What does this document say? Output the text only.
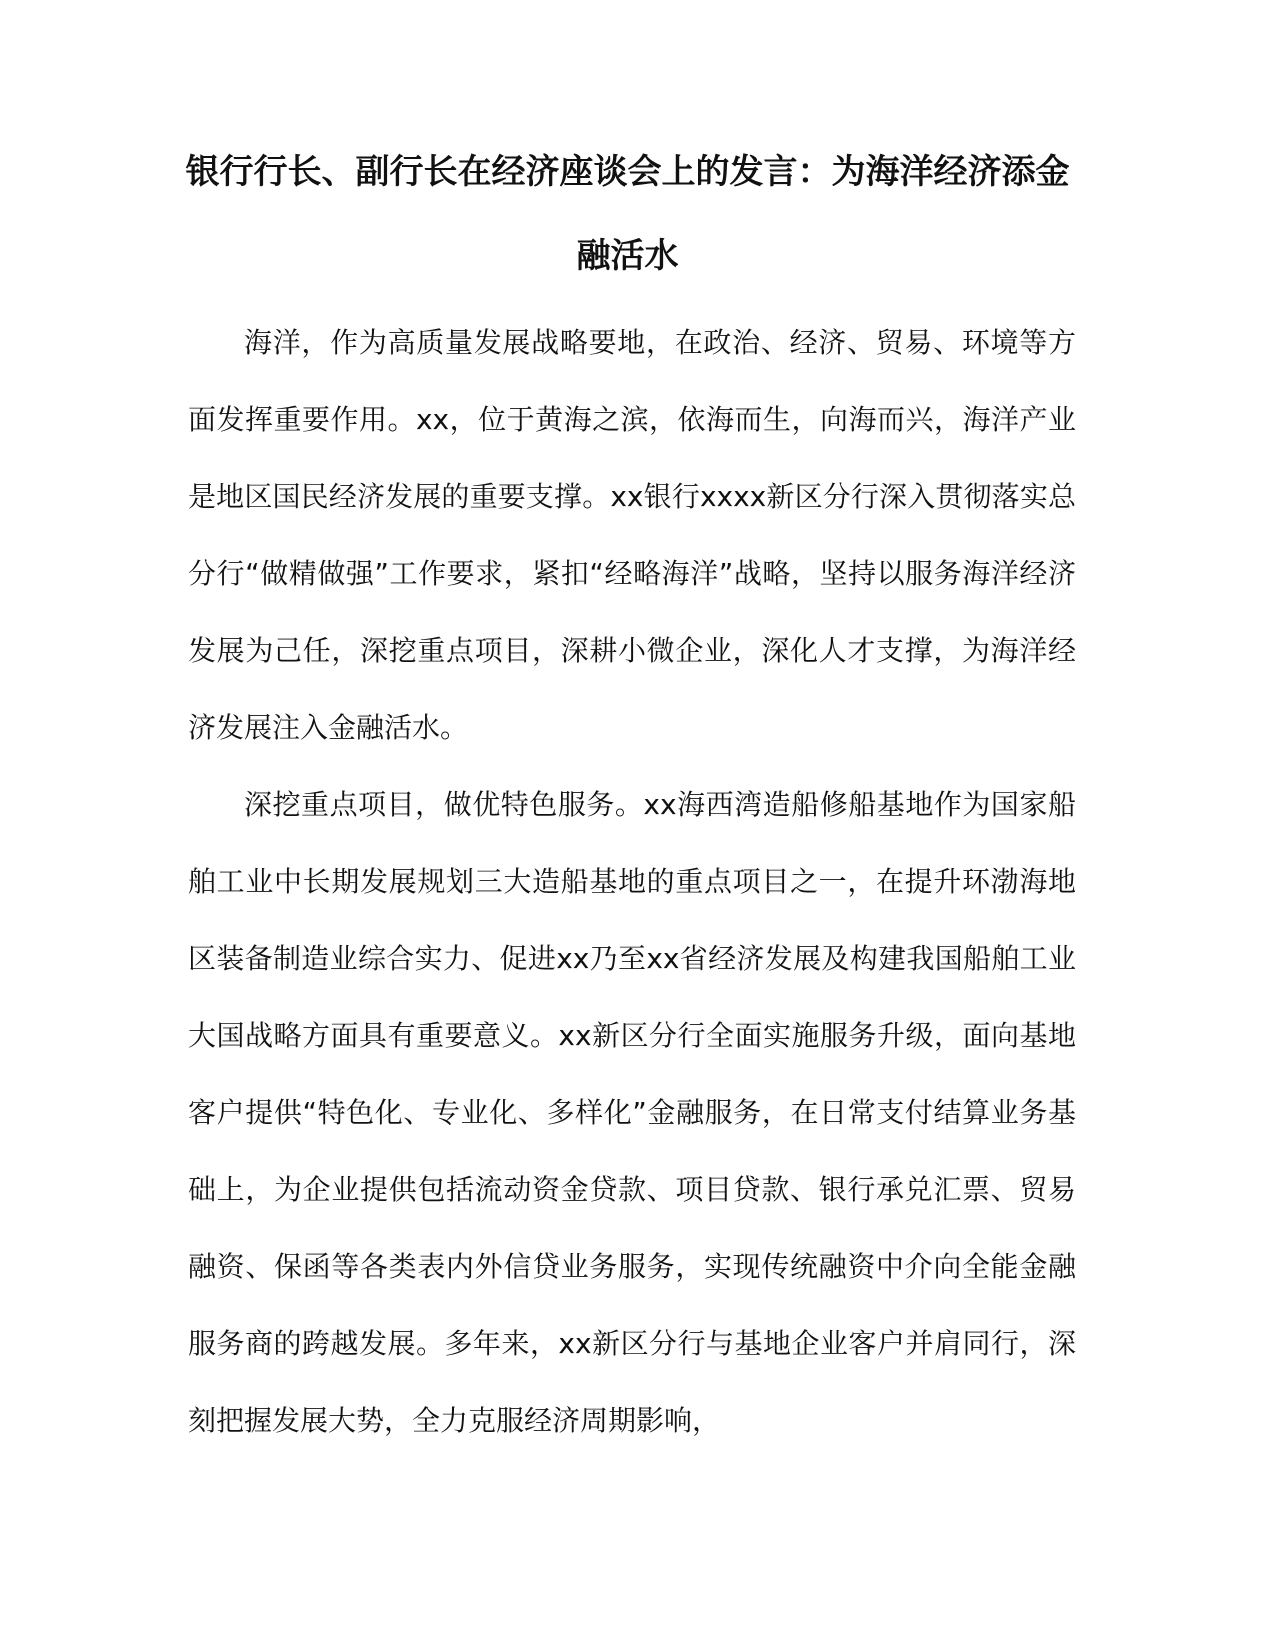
银行行长、副行长在经济座谈会上的发言：为海洋经济添金融活水

海洋，作为高质量发展战略要地，在政治、经济、贸易、环境等方面发挥重要作用。xx，位于黄海之滨，依海而生，向海而兴，海洋产业是地区国民经济发展的重要支撑。xx银行xxxx新区分行深入贯彻落实总分行“做精做强”工作要求，紧扣“经略海洋”战略，坚持以服务海洋经济发展为己任，深挖重点项目，深耕小微企业，深化人才支撑，为海洋经济发展注入金融活水。

深挖重点项目，做优特色服务。xx海西湾造船修船基地作为国家船舶工业中长期发展规划三大造船基地的重点项目之一，在提升环渤海地区装备制造业综合实力、促进xx乃至xx省经济发展及构建我国船舶工业大国战略方面具有重要意义。xx新区分行全面实施服务升级，面向基地客户提供“特色化、专业化、多样化”金融服务，在日常支付结算业务基础上，为企业提供包括流动资金贷款、项目贷款、银行承兑汇票、贸易融资、保函等各类表内外信贷业务服务，实现传统融资中介向全能金融服务商的跨越发展。多年来，xx新区分行与基地企业客户并肩同行，深刻把握发展大势，全力克服经济周期影响，
